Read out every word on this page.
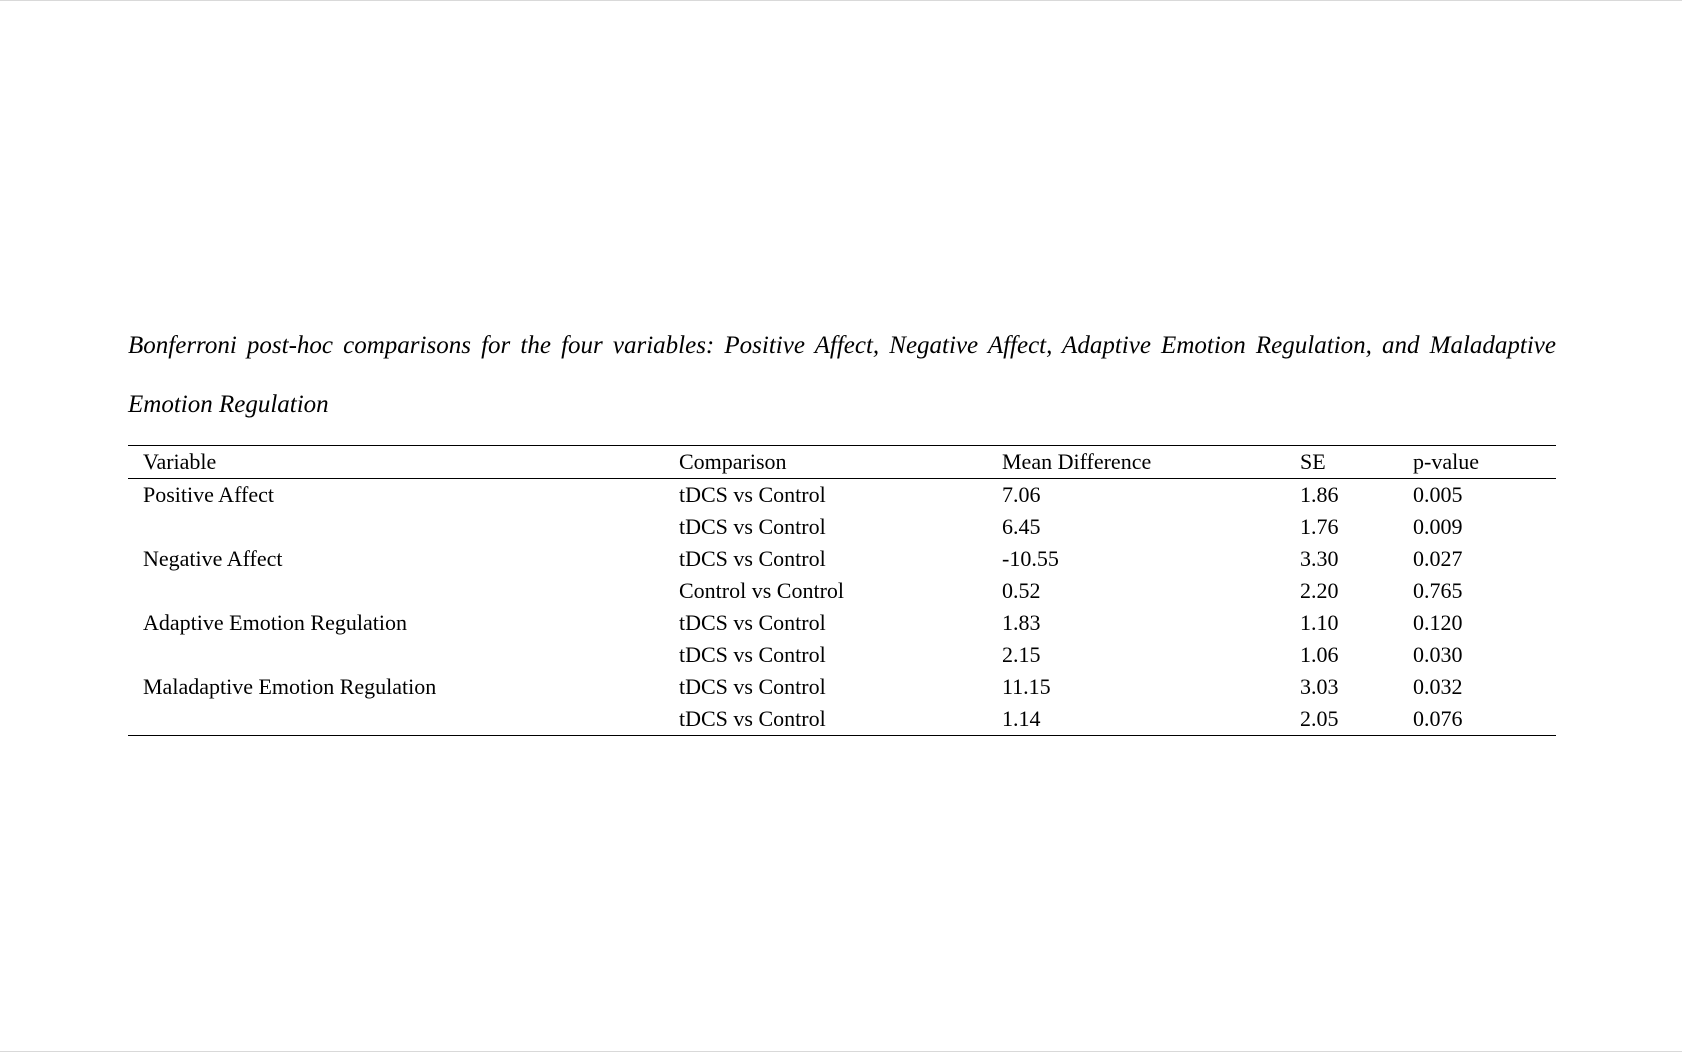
Bonferroni post-hoc comparisons for the four variables: Positive Affect, Negative Affect, Adaptive Emotion Regulation, and Maladaptive Emotion Regulation

Variable	Comparison	Mean Difference	SE	p-value
Positive Affect	tDCS vs Control	7.06	1.86	0.005
	tDCS vs Control	6.45	1.76	0.009
Negative Affect	tDCS vs Control	-10.55	3.30	0.027
	Control vs Control	0.52	2.20	0.765
Adaptive Emotion Regulation	tDCS vs Control	1.83	1.10	0.120
	tDCS vs Control	2.15	1.06	0.030
Maladaptive Emotion Regulation	tDCS vs Control	11.15	3.03	0.032
	tDCS vs Control	1.14	2.05	0.076
